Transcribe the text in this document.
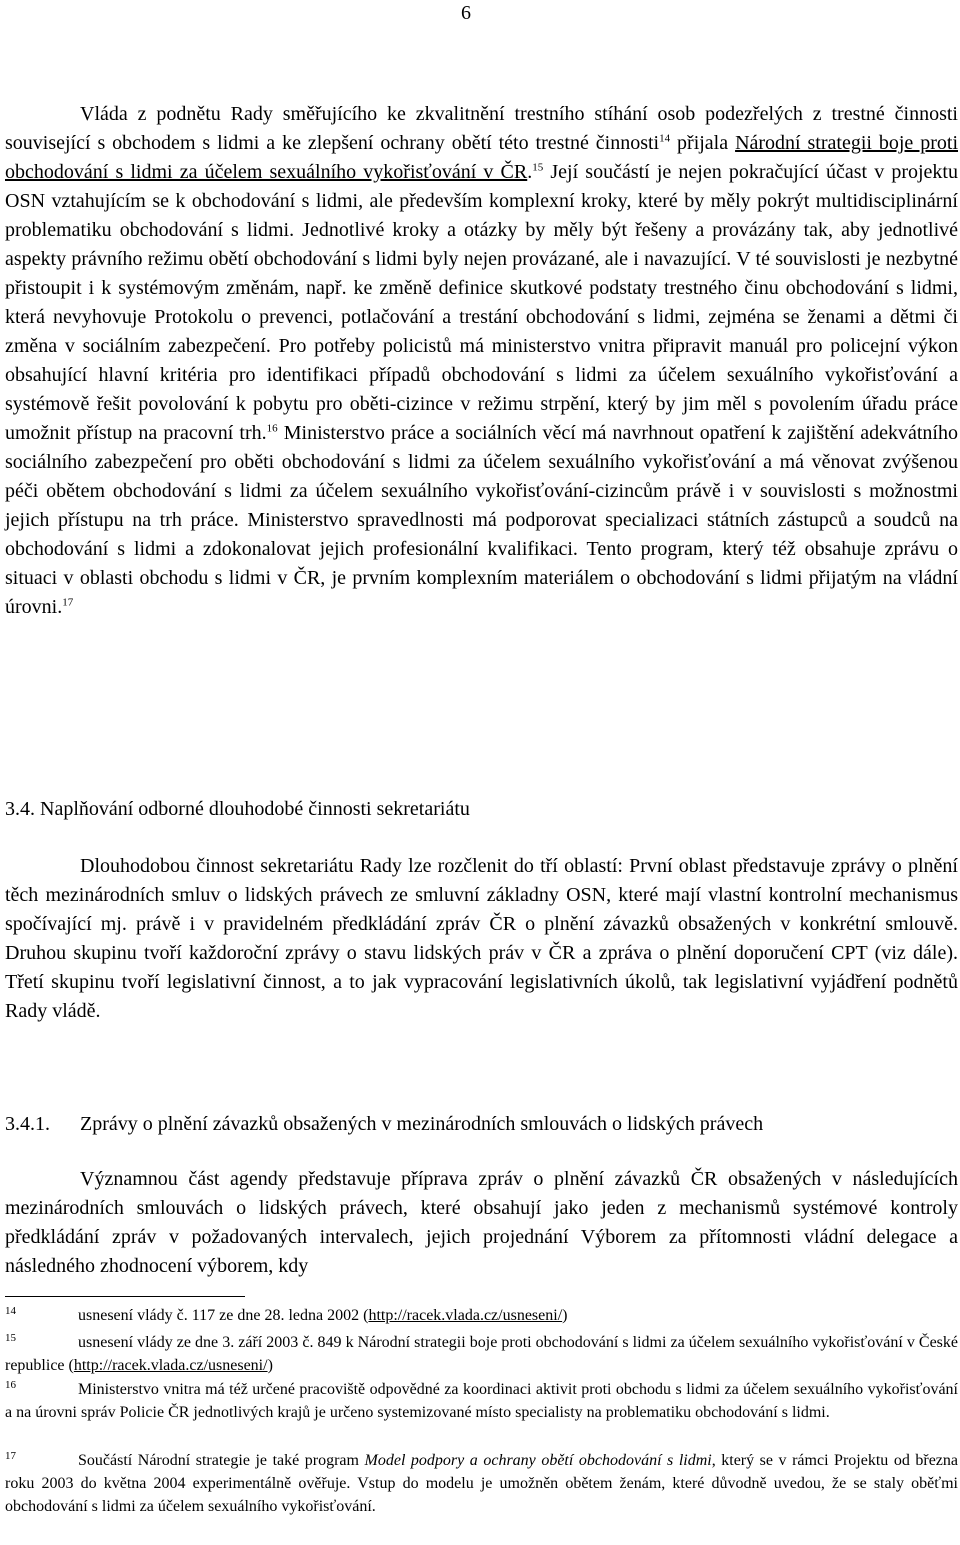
6

Vláda z podnětu Rady směřujícího ke zkvalitnění trestního stíhání osob podezřelých z trestné činnosti související s obchodem s lidmi a ke zlepšení ochrany obětí této trestné činnosti$^{14}$ přijala Národní strategii boje proti obchodování s lidmi za účelem sexuálního vykořisťování v ČR.$^{15}$ Její součástí je nejen pokračující účast v projektu OSN vztahujícím se k obchodování s lidmi, ale především komplexní kroky, které by měly pokrýt multidisciplinární problematiku obchodování s lidmi. Jednotlivé kroky a otázky by měly být řešeny a provázány tak, aby jednotlivé aspekty právního režimu obětí obchodování s lidmi byly nejen provázané, ale i navazující. V té souvislosti je nezbytné přistoupit i k systémovým změnám, např. ke změně definice skutkové podstaty trestného činu obchodování s lidmi, která nevyhovuje Protokolu o prevenci, potlačování a trestání obchodování s lidmi, zejména se ženami a dětmi či změna v sociálním zabezpečení. Pro potřeby policistů má ministerstvo vnitra připravit manuál pro policejní výkon obsahující hlavní kritéria pro identifikaci případů obchodování s lidmi za účelem sexuálního vykořisťování a systémově řešit povolování k pobytu pro oběti-cizince v režimu strpění, který by jim měl s povolením úřadu práce umožnit přístup na pracovní trh.$^{16}$ Ministerstvo práce a sociálních věcí má navrhnout opatření k zajištění adekvátního sociálního zabezpečení pro oběti obchodování s lidmi za účelem sexuálního vykořisťování a má věnovat zvýšenou péči obětem obchodování s lidmi za účelem sexuálního vykořisťování-cizincům právě i v souvislosti s možnostmi jejich přístupu na trh práce. Ministerstvo spravedlnosti má podporovat specializaci státních zástupců a soudců na obchodování s lidmi a zdokonalovat jejich profesionální kvalifikaci. Tento program, který též obsahuje zprávu o situaci v oblasti obchodu s lidmi v ČR, je prvním komplexním materiálem o obchodování s lidmi přijatým na vládní úrovni.$^{17}$

3.4. Naplňování odborné dlouhodobé činnosti sekretariátu

Dlouhodobou činnost sekretariátu Rady lze rozčlenit do tří oblastí: První oblast představuje zprávy o plnění těch mezinárodních smluv o lidských právech ze smluvní základny OSN, které mají vlastní kontrolní mechanismus spočívající mj. právě i v pravidelném předkládání zpráv ČR o plnění závazků obsažených v konkrétní smlouvě. Druhou skupinu tvoří každoroční zprávy o stavu lidských práv v ČR a zpráva o plnění doporučení CPT (viz dále). Třetí skupinu tvoří legislativní činnost, a to jak vypracování legislativních úkolů, tak legislativní vyjádření podnětů Rady vládě.

3.4.1. Zprávy o plnění závazků obsažených v mezinárodních smlouvách o lidských právech

Významnou část agendy představuje příprava zpráv o plnění závazků ČR obsažených v následujících mezinárodních smlouvách o lidských právech, které obsahují jako jeden z mechanismů systémové kontroly předkládání zpráv v požadovaných intervalech, jejich projednání Výborem za přítomnosti vládní delegace a následného zhodnocení výborem, kdy

14	usnesení vlády č. 117 ze dne 28. ledna 2002 (http://racek.vlada.cz/usneseni/)

15	usnesení vlády ze dne 3. září 2003 č. 849 k Národní strategii boje proti obchodování s lidmi za účelem sexuálního vykořisťování v České republice (http://racek.vlada.cz/usneseni/)

16	Ministerstvo vnitra má též určené pracoviště odpovědné za koordinaci aktivit proti obchodu s lidmi za účelem sexuálního vykořisťování a na úrovni správ Policie ČR jednotlivých krajů je určeno systemizované místo specialisty na problematiku obchodování s lidmi.

17	Součástí Národní strategie je také program Model podpory a ochrany obětí obchodování s lidmi, který se v rámci Projektu od března roku 2003 do května 2004 experimentálně ověřuje. Vstup do modelu je umožněn obětem ženám, které důvodně uvedou, že se staly oběťmi obchodování s lidmi za účelem sexuálního vykořisťování.
